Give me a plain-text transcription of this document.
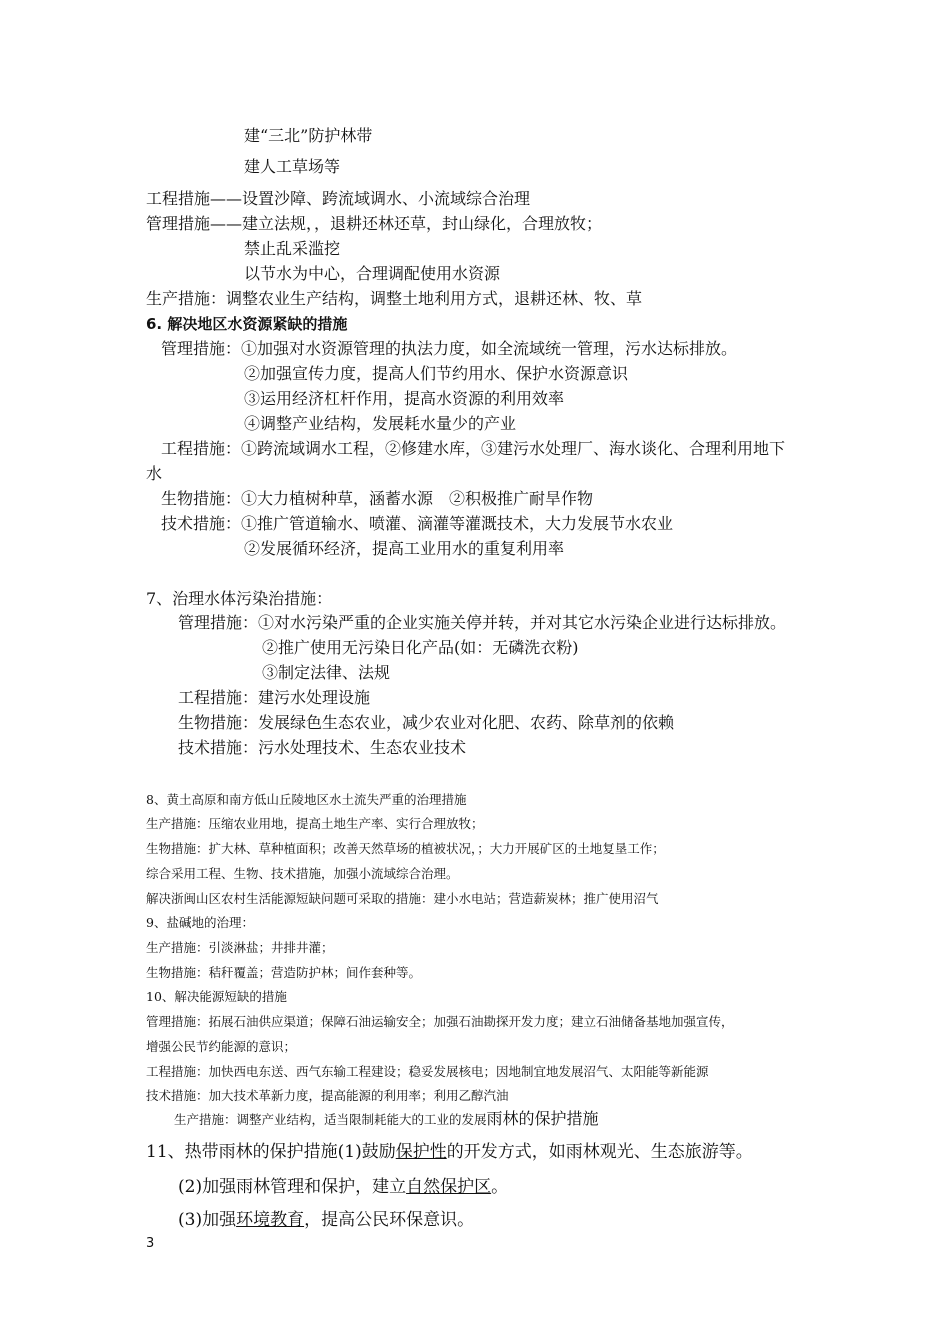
建“三北”防护林带
建人工草场等
工程措施——设置沙障、跨流域调水、小流域综合治理
管理措施——建立法规，，退耕还林还草，封山绿化，合理放牧；
禁止乱采滥挖
以节水为中心，合理调配使用水资源
生产措施：调整农业生产结构，调整土地利用方式，退耕还林、牧、草
6. 解决地区水资源紧缺的措施
管理措施：①加强对水资源管理的执法力度，如全流域统一管理，污水达标排放。
②加强宣传力度，提高人们节约用水、保护水资源意识
③运用经济杠杆作用，提高水资源的利用效率
④调整产业结构，发展耗水量少的产业
工程措施：①跨流域调水工程，②修建水库，③建污水处理厂、海水谈化、合理利用地下
水
生物措施：①大力植树种草，涵蓄水源　②积极推广耐旱作物
技术措施：①推广管道输水、喷灌、滴灌等灌溉技术，大力发展节水农业
②发展循环经济，提高工业用水的重复利用率
7、治理水体污染治措施：
管理措施：①对水污染严重的企业实施关停并转，并对其它水污染企业进行达标排放。
②推广使用无污染日化产品(如：无磷洗衣粉)
③制定法律、法规
工程措施：建污水处理设施
生物措施：发展绿色生态农业，减少农业对化肥、农药、除草剂的依赖
技术措施：污水处理技术、生态农业技术
8、黄土高原和南方低山丘陵地区水土流失严重的治理措施
生产措施：压缩农业用地，提高土地生产率、实行合理放牧；
生物措施：扩大林、草种植面积；改善天然草场的植被状况，；大力开展矿区的土地复垦工作；
综合采用工程、生物、技术措施，加强小流域综合治理。
解决浙闽山区农村生活能源短缺问题可采取的措施：建小水电站；营造薪炭林；推广使用沼气
9、盐碱地的治理：
生产措施：引淡淋盐；井排井灌；
生物措施：秸秆覆盖；营造防护林；间作套种等。
10、解决能源短缺的措施
管理措施：拓展石油供应渠道；保障石油运输安全；加强石油勘探开发力度；建立石油储备基地加强宣传，
增强公民节约能源的意识；
工程措施：加快西电东送、西气东输工程建设；稳妥发展核电；因地制宜地发展沼气、太阳能等新能源
技术措施：加大技术革新力度，提高能源的利用率；利用乙醇汽油
生产措施：调整产业结构，适当限制耗能大的工业的发展雨林的保护措施
11、热带雨林的保护措施(1)鼓励保护性的开发方式，如雨林观光、生态旅游等。
(2)加强雨林管理和保护，建立自然保护区。
(3)加强环境教育，提高公民环保意识。
3
